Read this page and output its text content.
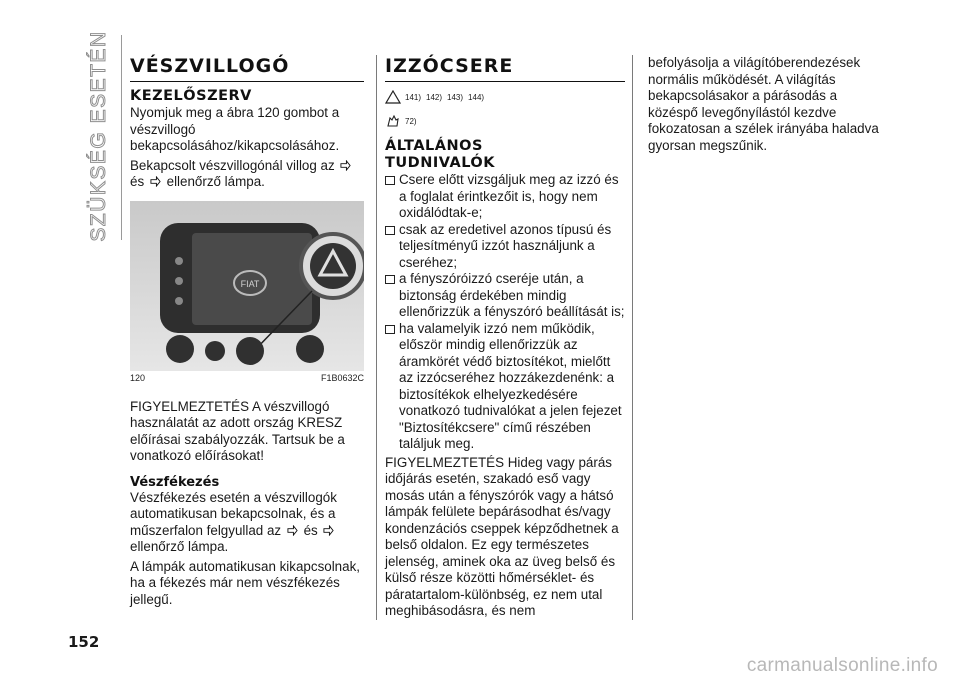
SZÜKSÉG ESETÉN VÉSZVILLOGÓ
KEZELŐSZERV

Nyomjuk meg a ábra 120 gombot a vészvillogó bekapcsolásához/kikapcsolásához.

Bekapcsolt vészvillogónál villog az  és ellenőrző lámpa.

FIAT
120	F1B0632C

FIGYELMEZTETÉS A vészvillogó használatát az adott ország KRESZ előírásai szabályozzák. Tartsuk be a vonatkozó előírásokat!

Vészfékezés

Vészfékezés esetén a vészvillogók automatikusan bekapcsolnak, és a műszerfalon felgyullad az és  ellenőrző lámpa.

A lámpák automatikusan kikapcsolnak, ha a fékezés már nem vészfékezés jellegű.

IZZÓCSERE
141) 142) 143) 144)
72)
ÁLTALÁNOS
TUDNIVALÓK
Csere előtt vizsgáljuk meg az izzó és a foglalat érintkezőit is, hogy nem oxidálódtak-e;
csak az eredetivel azonos típusú és teljesítményű izzót használjunk a cseréhez;
a fényszóróizzó cseréje után, a biztonság érdekében mindig ellenőrizzük a fényszóró beállítását is;
ha valamelyik izzó nem működik, először mindig ellenőrizzük az áramkörét védő biztosítékot, mielőtt az izzócseréhez hozzákezdenénk: a biztosítékok elhelyezkedésére vonatkozó tudnivalókat a jelen fejezet "Biztosítékcsere" című részében találjuk meg.

FIGYELMEZTETÉS Hideg vagy párás időjárás esetén, szakadó eső vagy mosás után a fényszórók vagy a hátsó lámpák felülete bepárásodhat és/vagy kondenzációs cseppek képződhetnek a belső oldalon. Ez egy természetes jelenség, aminek oka az üveg belső és külső része közötti hőmérséklet- és páratartalom-különbség, ez nem utal meghibásodásra, és nem

befolyásolja a világítóberendezések normális működését. A világítás bekapcsolásakor a párásodás a közéspő levegőnyílástól kezdve fokozatosan a szélek irányába haladva gyorsan megszűnik.

152
carmanualsonline.info
